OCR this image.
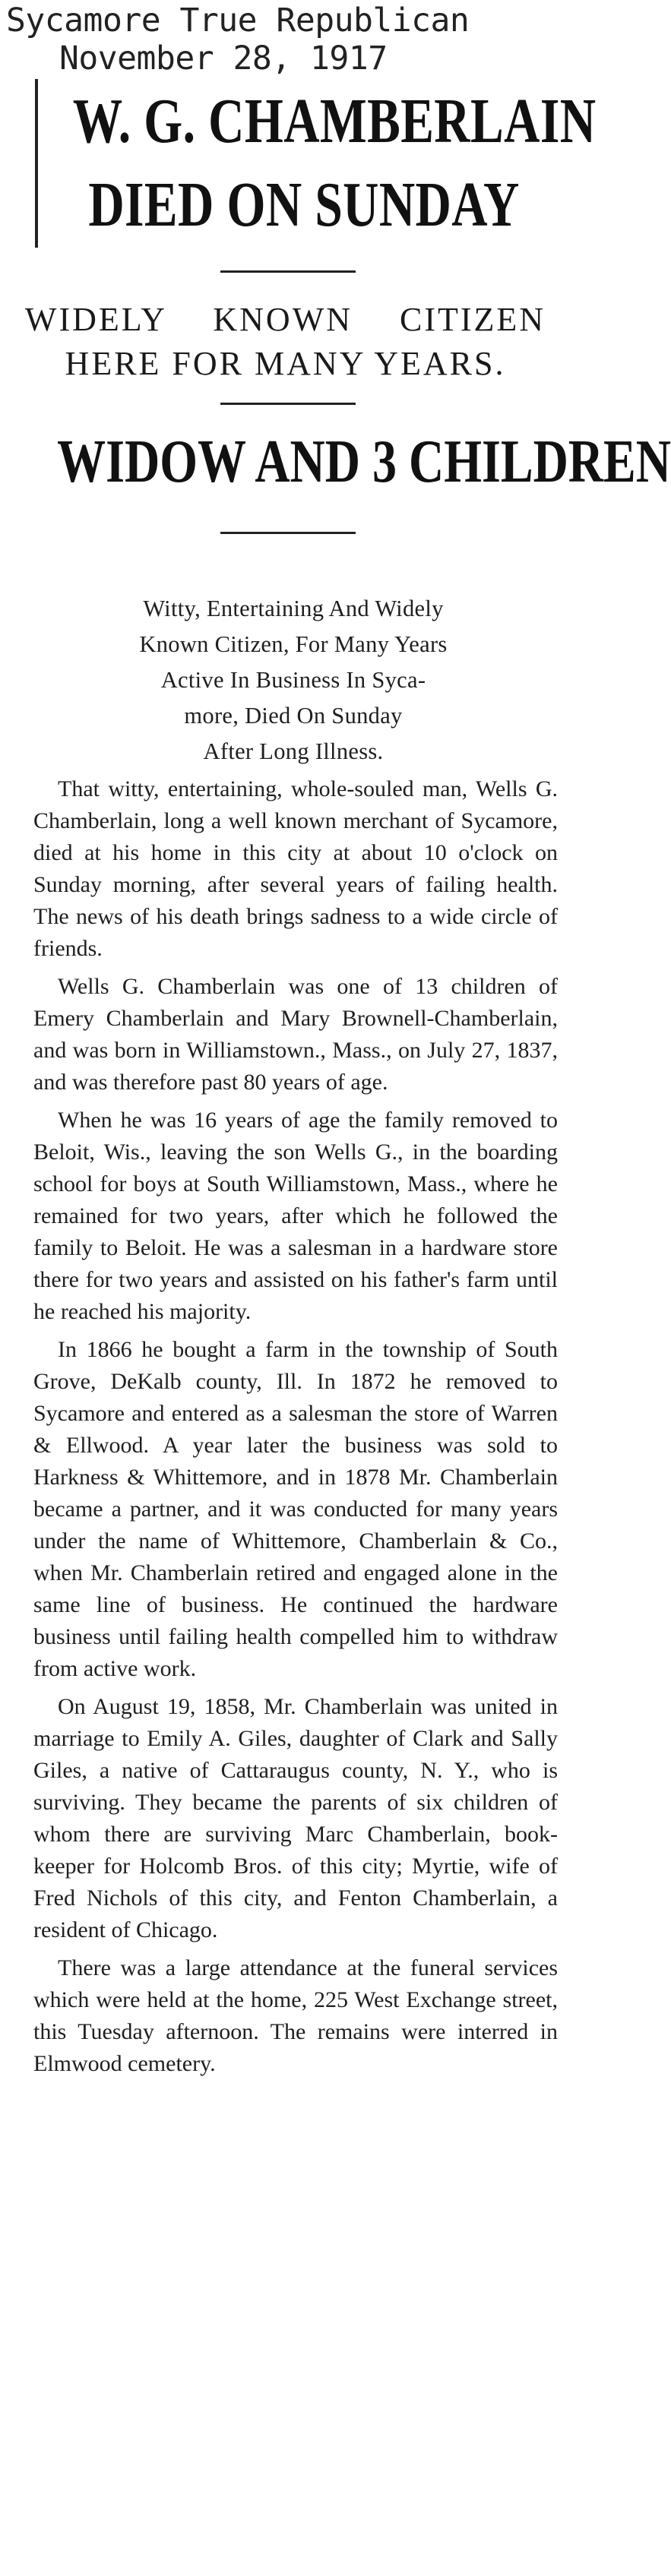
Sycamore True Republican
November 28, 1917
W. G. CHAMBERLAIN
DIED ON SUNDAY
WIDELY KNOWN CITIZEN
HERE FOR MANY YEARS.
WIDOW AND 3 CHILDREN
Witty, Entertaining And Widely
Known Citizen, For Many Years
Active In Business In Syca-
more, Died On Sunday
After Long Illness.

That witty, entertaining, whole-souled man, Wells G. Chamberlain, long a well known merchant of Sycamore, died at his home in this city at about 10 o'clock on Sunday morning, after several years of failing health. The news of his death brings sadness to a wide circle of friends.

Wells G. Chamberlain was one of 13 children of Emery Chamberlain and Mary Brownell-Chamberlain, and was born in Williamstown., Mass., on July 27, 1837, and was therefore past 80 years of age.

When he was 16 years of age the family removed to Beloit, Wis., leaving the son Wells G., in the boarding school for boys at South Williamstown, Mass., where he remained for two years, after which he followed the family to Beloit. He was a salesman in a hardware store there for two years and assisted on his father's farm until he reached his majority.

In 1866 he bought a farm in the township of South Grove, DeKalb county, Ill. In 1872 he removed to Sycamore and entered as a salesman the store of Warren & Ellwood. A year later the business was sold to Harkness & Whittemore, and in 1878 Mr. Chamberlain became a partner, and it was conducted for many years under the name of Whittemore, Chamberlain & Co., when Mr. Chamberlain retired and engaged alone in the same line of business. He continued the hardware business until failing health compelled him to withdraw from active work.

On August 19, 1858, Mr. Chamberlain was united in marriage to Emily A. Giles, daughter of Clark and Sally Giles, a native of Cattaraugus county, N. Y., who is surviving. They became the parents of six children of whom there are surviving Marc Chamberlain, book-keeper for Holcomb Bros. of this city; Myrtie, wife of Fred Nichols of this city, and Fenton Chamberlain, a resident of Chicago.

There was a large attendance at the funeral services which were held at the home, 225 West Exchange street, this Tuesday afternoon. The remains were interred in Elmwood cemetery.
